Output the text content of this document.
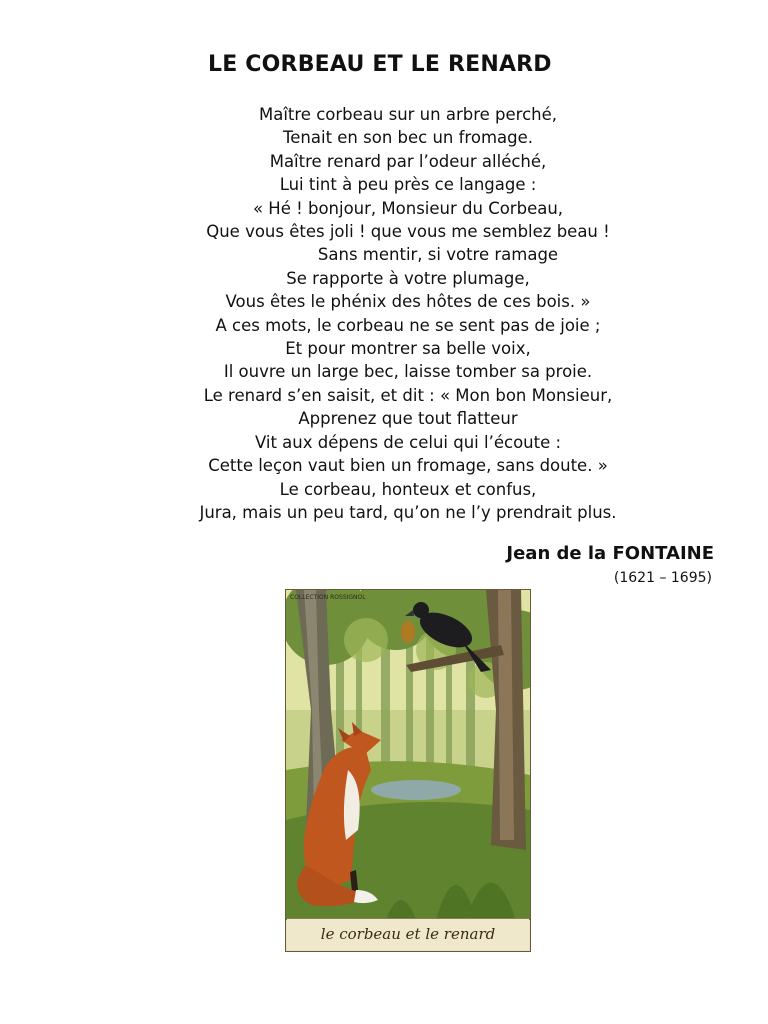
LE CORBEAU ET LE RENARD
Maître corbeau sur un arbre perché,
Tenait en son bec un fromage.
Maître renard par l’odeur alléché,
Lui tint à peu près ce langage :
« Hé ! bonjour, Monsieur du Corbeau,
Que vous êtes joli ! que vous me semblez beau !
Sans mentir, si votre ramage
Se rapporte à votre plumage,
Vous êtes le phénix des hôtes de ces bois. »
A ces mots, le corbeau ne se sent pas de joie ;
Et pour montrer sa belle voix,
Il ouvre un large bec, laisse tomber sa proie.
Le renard s’en saisit, et dit : « Mon bon Monsieur,
Apprenez que tout flatteur
Vit aux dépens de celui qui l’écoute :
Cette leçon vaut bien un fromage, sans doute. »
Le corbeau, honteux et confus,
Jura, mais un peu tard, qu’on ne l’y prendrait plus.
Jean de la FONTAINE
(1621 – 1695)
COLLECTION ROSSIGNOL
le corbeau et le renard
